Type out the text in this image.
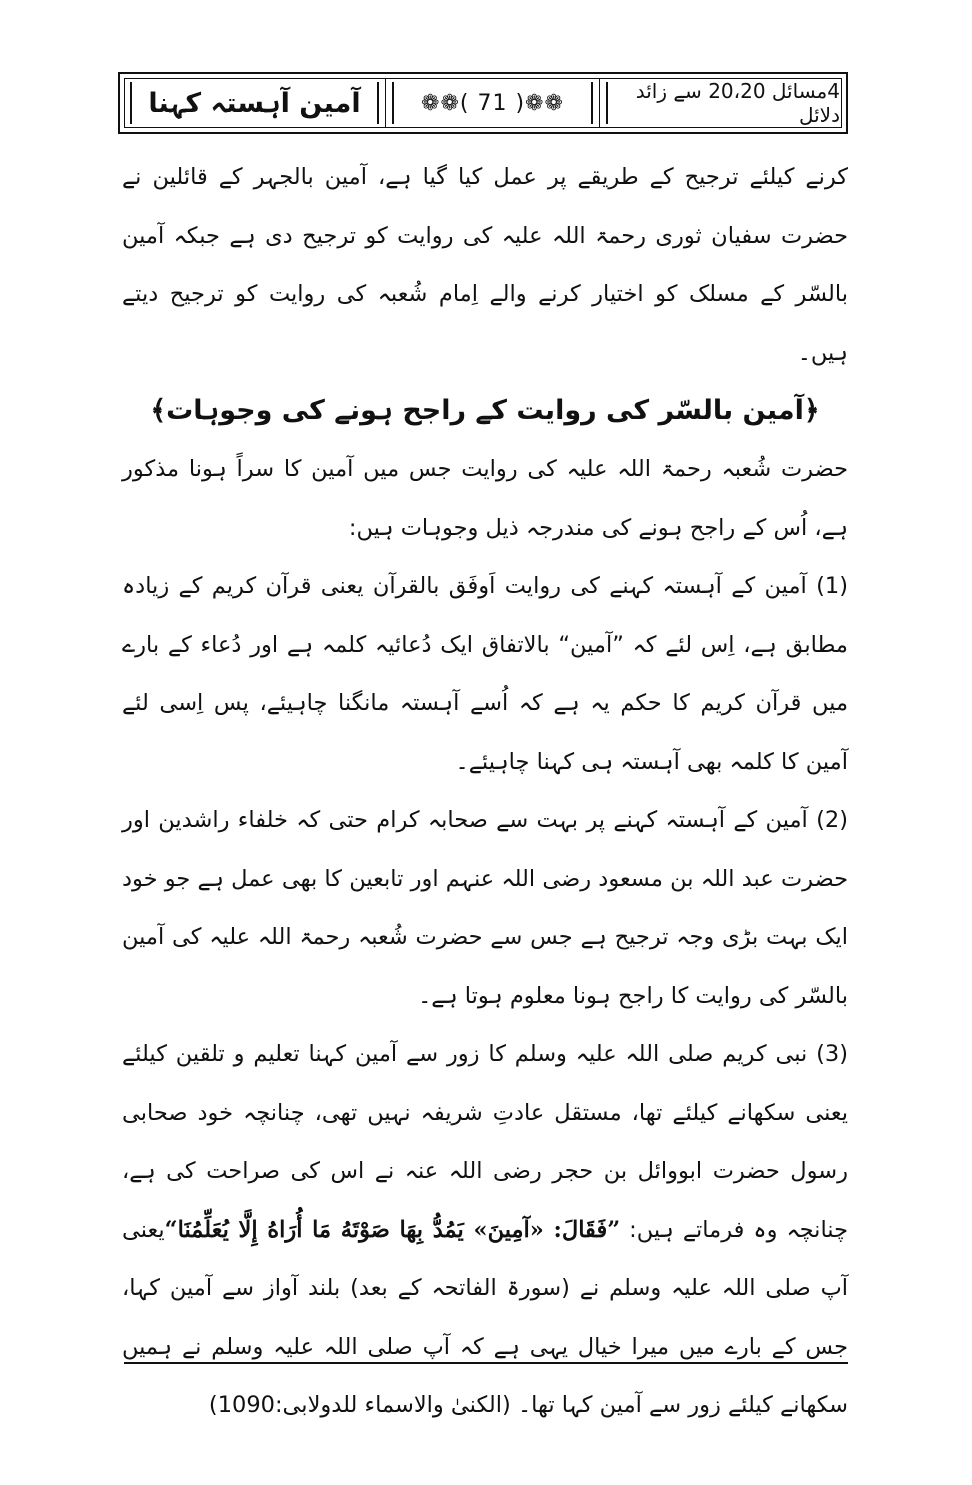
آمین آہستہ کہنا	❁❁( 71 )❁❁	4مسائل 20،20 سے زائد دلائل

کرنے کیلئے ترجیح کے طریقے پر عمل کیا گیا ہے، آمین بالجہر کے قائلین نے حضرت سفیان ثوری رحمۃ اللہ علیہ کی روایت کو ترجیح دی ہے جبکہ آمین بالسّر کے مسلک کو اختیار کرنے والے اِمام شُعبہ کی روایت کو ترجیح دیتے ہیں۔

﴿آمین بالسّر کی روایت کے راجح ہونے کی وجوہات﴾

حضرت شُعبہ رحمۃ اللہ علیہ کی روایت جس میں آمین کا سراً ہونا مذکور ہے، اُس کے راجح ہونے کی مندرجہ ذیل وجوہات ہیں:

(1) آمین کے آہستہ کہنے کی روایت اَوفَق بالقرآن یعنی قرآن کریم کے زیادہ مطابق ہے، اِس لئے کہ ”آمین“ بالاتفاق ایک دُعائیہ کلمہ ہے اور دُعاء کے بارے میں قرآن کریم کا حکم یہ ہے کہ اُسے آہستہ مانگنا چاہیئے، پس اِسی لئے آمین کا کلمہ بھی آہستہ ہی کہنا چاہیئے۔

(2) آمین کے آہستہ کہنے پر بہت سے صحابہ کرام حتی کہ خلفاء راشدین اور حضرت عبد اللہ بن مسعود رضی اللہ عنہم اور تابعین کا بھی عمل ہے جو خود ایک بہت بڑی وجہ ترجیح ہے جس سے حضرت شُعبہ رحمۃ اللہ علیہ کی آمین بالسّر کی روایت کا راجح ہونا معلوم ہوتا ہے۔

(3) نبی کریم صلی اللہ علیہ وسلم کا زور سے آمین کہنا تعلیم و تلقین کیلئے یعنی سکھانے کیلئے تھا، مستقل عادتِ شریفہ نہیں تھی، چنانچہ خود صحابی رسول حضرت ابووائل بن حجر رضی اللہ عنہ نے اس کی صراحت کی ہے، چنانچہ وہ فرماتے ہیں: ”فَقَالَ: «آمِينَ» يَمُدُّ بِهَا صَوْتَهُ مَا أُرَاهُ إِلَّا يُعَلِّمُنَا“یعنی آپ صلی اللہ علیہ وسلم نے (سورۃ الفاتحہ کے بعد) بلند آواز سے آمین کہا، جس کے بارے میں میرا خیال یہی ہے کہ آپ صلی اللہ علیہ وسلم نے ہمیں سکھانے کیلئے زور سے آمین کہا تھا۔ (الکنیٰ والاسماء للدولابی:1090)
